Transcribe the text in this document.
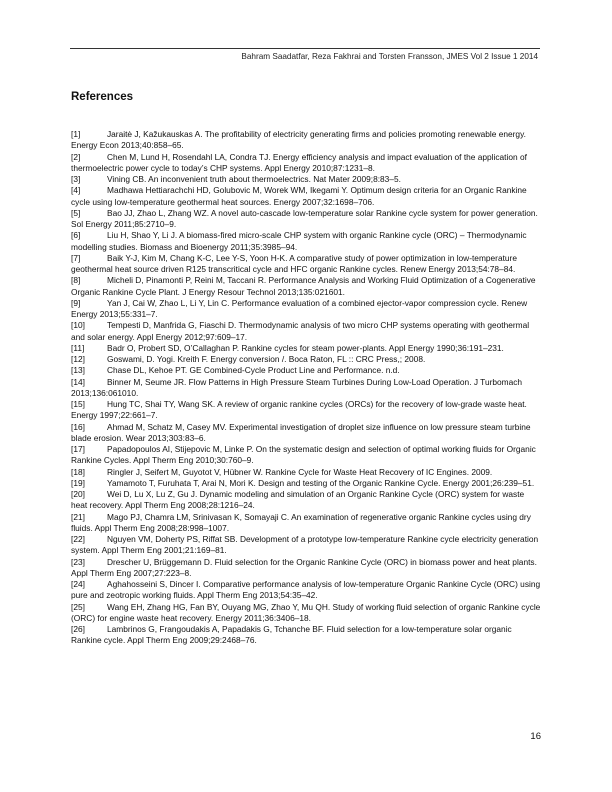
Bahram Saadatfar, Reza Fakhrai and Torsten Fransson, JMES Vol 2 Issue 1 2014
References
[1]	Jaraitė J, Kažukauskas A. The profitability of electricity generating firms and policies promoting renewable energy. Energy Econ 2013;40:858–65.
[2]	Chen M, Lund H, Rosendahl LA, Condra TJ. Energy efficiency analysis and impact evaluation of the application of thermoelectric power cycle to today’s CHP systems. Appl Energy 2010;87:1231–8.
[3]	Vining CB. An inconvenient truth about thermoelectrics. Nat Mater 2009;8:83–5.
[4]	Madhawa Hettiarachchi HD, Golubovic M, Worek WM, Ikegami Y. Optimum design criteria for an Organic Rankine cycle using low-temperature geothermal heat sources. Energy 2007;32:1698–706.
[5]	Bao JJ, Zhao L, Zhang WZ. A novel auto-cascade low-temperature solar Rankine cycle system for power generation. Sol Energy 2011;85:2710–9.
[6]	Liu H, Shao Y, Li J. A biomass-fired micro-scale CHP system with organic Rankine cycle (ORC) – Thermodynamic modelling studies. Biomass and Bioenergy 2011;35:3985–94.
[7]	Baik Y-J, Kim M, Chang K-C, Lee Y-S, Yoon H-K. A comparative study of power optimization in low-temperature geothermal heat source driven R125 transcritical cycle and HFC organic Rankine cycles. Renew Energy 2013;54:78–84.
[8]	Micheli D, Pinamonti P, Reini M, Taccani R. Performance Analysis and Working Fluid Optimization of a Cogenerative Organic Rankine Cycle Plant. J Energy Resour Technol 2013;135:021601.
[9]	Yan J, Cai W, Zhao L, Li Y, Lin C. Performance evaluation of a combined ejector-vapor compression cycle. Renew Energy 2013;55:331–7.
[10]	Tempesti D, Manfrida G, Fiaschi D. Thermodynamic analysis of two micro CHP systems operating with geothermal and solar energy. Appl Energy 2012;97:609–17.
[11]	Badr O, Probert SD, O’Callaghan P. Rankine cycles for steam power-plants. Appl Energy 1990;36:191–231.
[12]	Goswami, D. Yogi. Kreith F. Energy conversion /. Boca Raton, FL :: CRC Press,; 2008.
[13]	Chase DL, Kehoe PT. GE Combined-Cycle Product Line and Performance. n.d.
[14]	Binner M, Seume JR. Flow Patterns in High Pressure Steam Turbines During Low-Load Operation. J Turbomach 2013;136:061010.
[15]	Hung TC, Shai TY, Wang SK. A review of organic rankine cycles (ORCs) for the recovery of low-grade waste heat. Energy 1997;22:661–7.
[16]	Ahmad M, Schatz M, Casey MV. Experimental investigation of droplet size influence on low pressure steam turbine blade erosion. Wear 2013;303:83–6.
[17]	Papadopoulos AI, Stijepovic M, Linke P. On the systematic design and selection of optimal working fluids for Organic Rankine Cycles. Appl Therm Eng 2010;30:760–9.
[18]	Ringler J, Seifert M, Guyotot V, Hübner W. Rankine Cycle for Waste Heat Recovery of IC Engines. 2009.
[19]	Yamamoto T, Furuhata T, Arai N, Mori K. Design and testing of the Organic Rankine Cycle. Energy 2001;26:239–51.
[20]	Wei D, Lu X, Lu Z, Gu J. Dynamic modeling and simulation of an Organic Rankine Cycle (ORC) system for waste heat recovery. Appl Therm Eng 2008;28:1216–24.
[21]	Mago PJ, Chamra LM, Srinivasan K, Somayaji C. An examination of regenerative organic Rankine cycles using dry fluids. Appl Therm Eng 2008;28:998–1007.
[22]	Nguyen VM, Doherty PS, Riffat SB. Development of a prototype low-temperature Rankine cycle electricity generation system. Appl Therm Eng 2001;21:169–81.
[23]	Drescher U, Brüggemann D. Fluid selection for the Organic Rankine Cycle (ORC) in biomass power and heat plants. Appl Therm Eng 2007;27:223–8.
[24]	Aghahosseini S, Dincer I. Comparative performance analysis of low-temperature Organic Rankine Cycle (ORC) using pure and zeotropic working fluids. Appl Therm Eng 2013;54:35–42.
[25]	Wang EH, Zhang HG, Fan BY, Ouyang MG, Zhao Y, Mu QH. Study of working fluid selection of organic Rankine cycle (ORC) for engine waste heat recovery. Energy 2011;36:3406–18.
[26]	Lambrinos G, Frangoudakis A, Papadakis G, Tchanche BF. Fluid selection for a low-temperature solar organic Rankine cycle. Appl Therm Eng 2009;29:2468–76.
16
